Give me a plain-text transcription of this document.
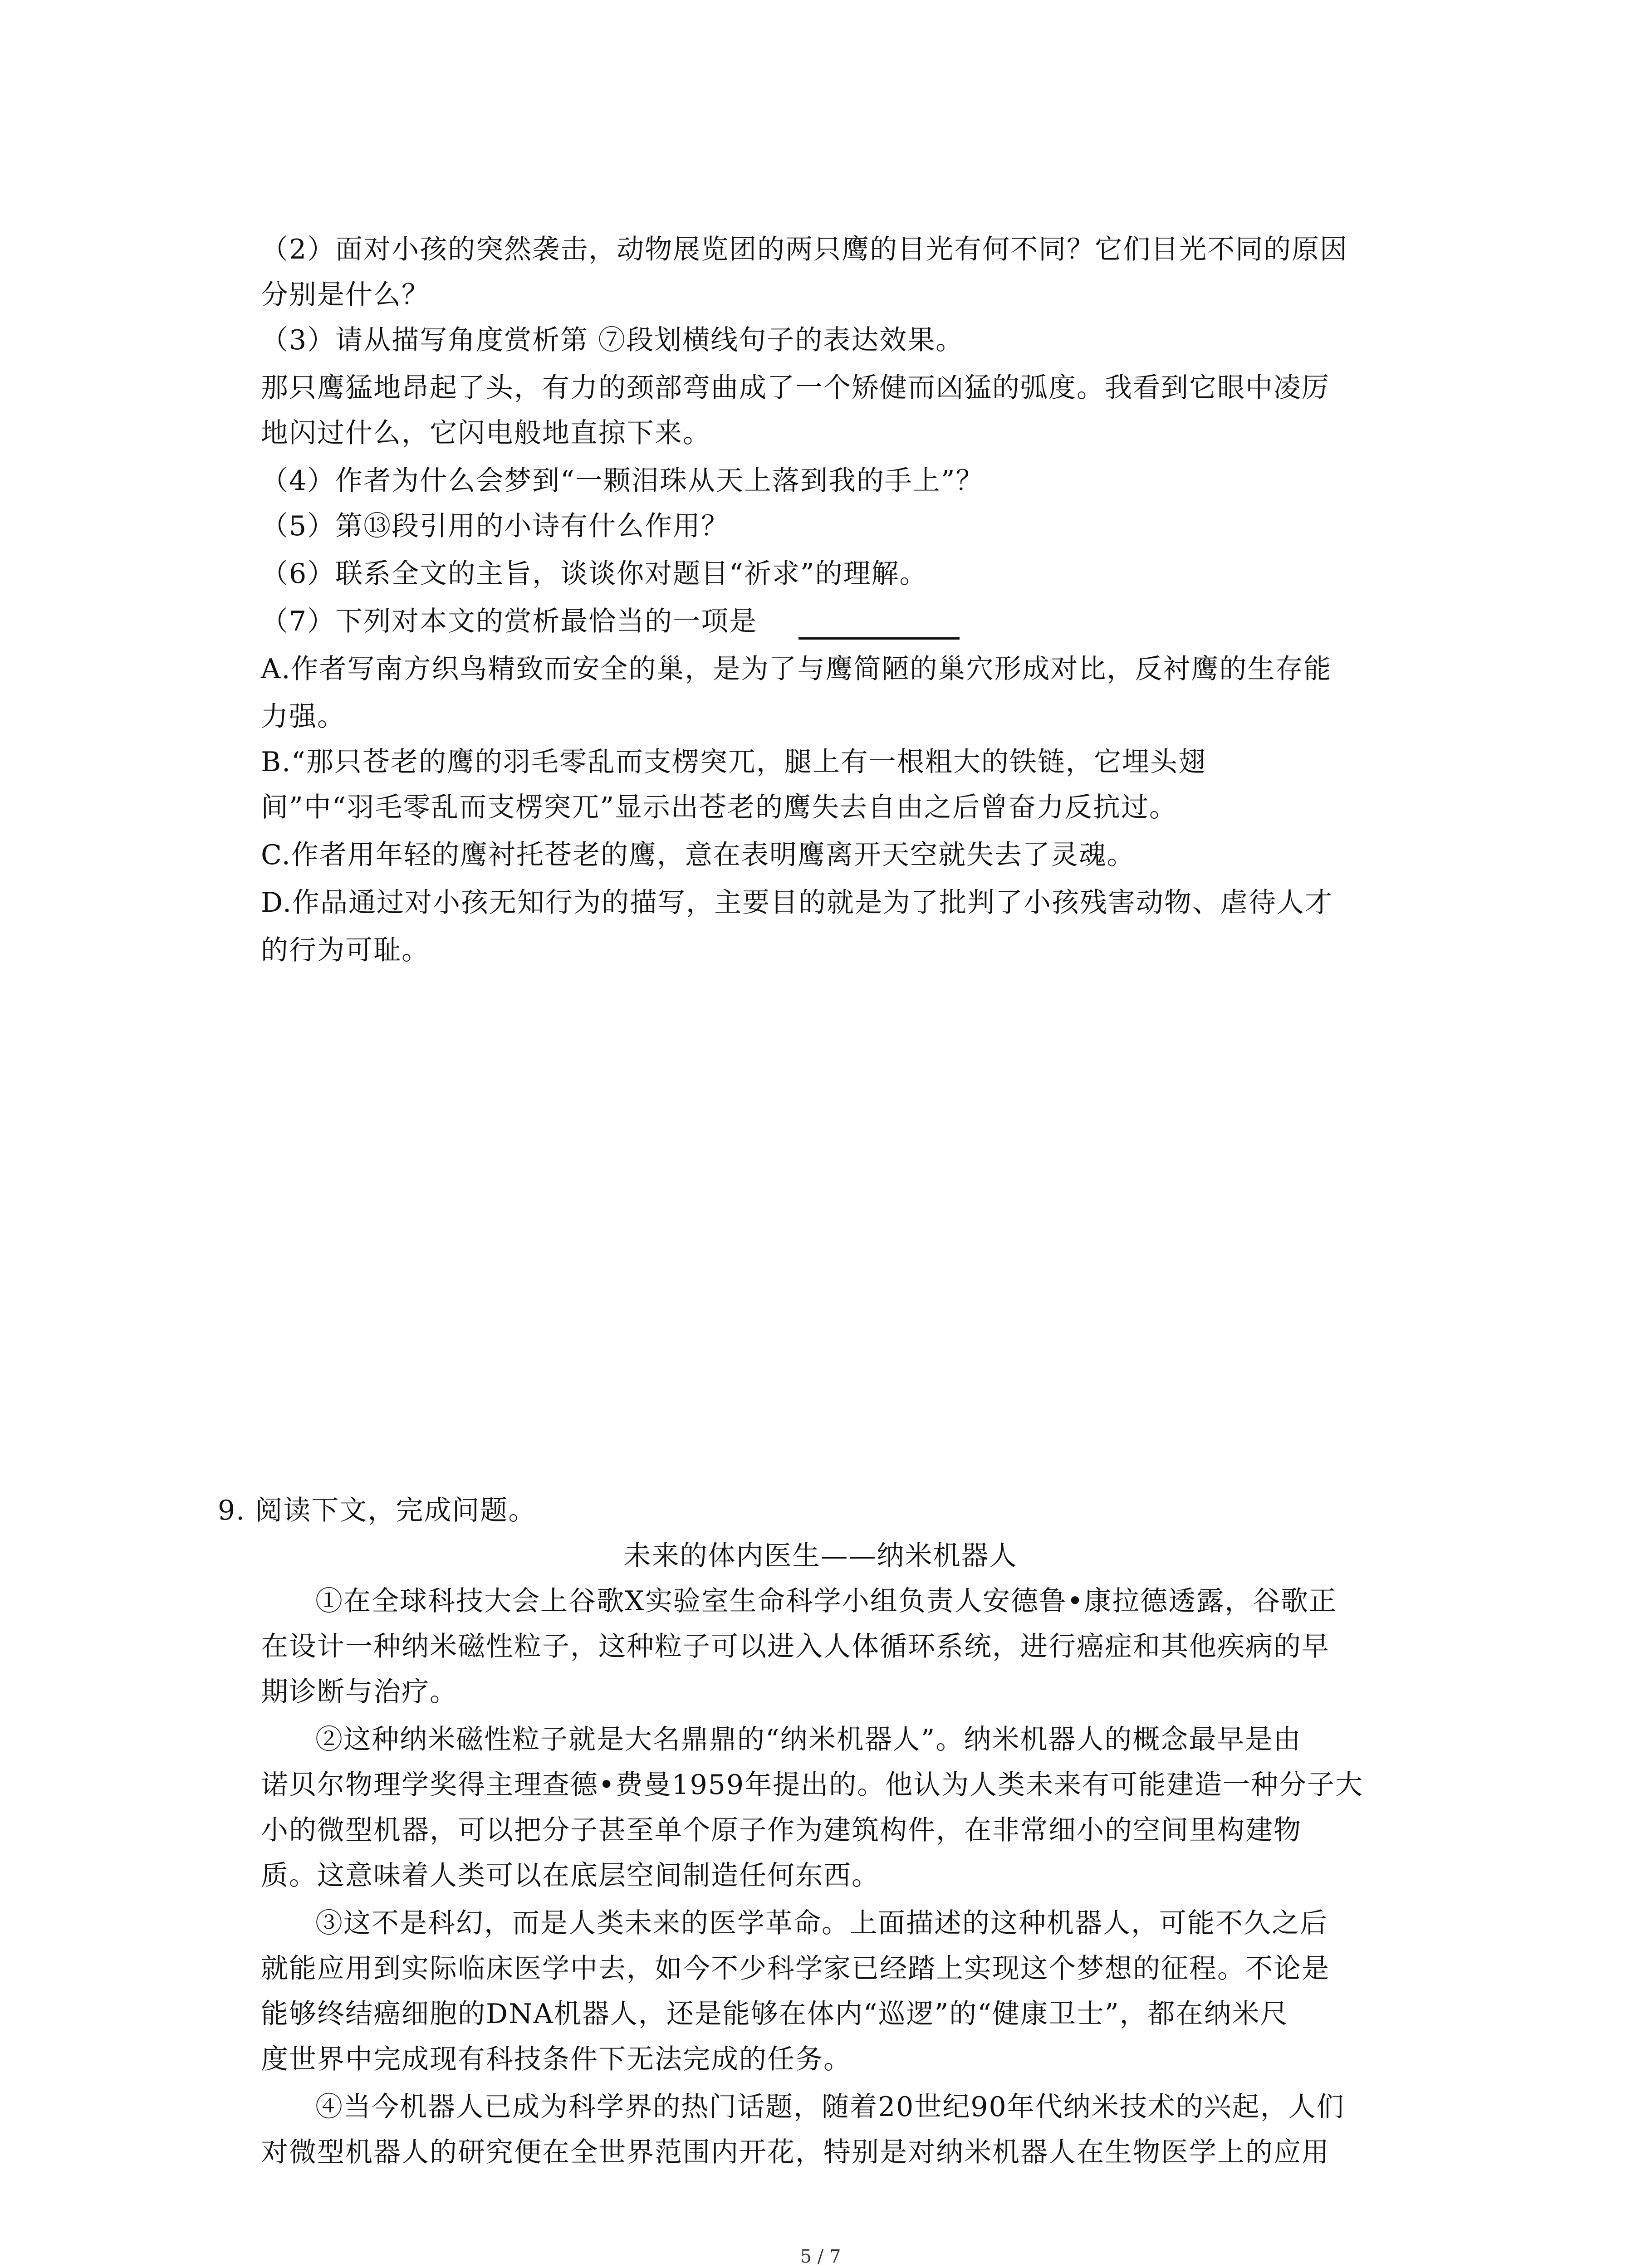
（2）面对小孩的突然袭击，动物展览团的两只鹰的目光有何不同？它们目光不同的原因

分别是什么？

（3）请从描写角度赏析第 ⑦段划横线句子的表达效果。

那只鹰猛地昂起了头，有力的颈部弯曲成了一个矫健而凶猛的弧度。我看到它眼中凌厉

地闪过什么，它闪电般地直掠下来。

（4）作者为什么会梦到“一颗泪珠从天上落到我的手上”？

（5）第⑬段引用的小诗有什么作用？

（6）联系全文的主旨，谈谈你对题目“祈求”的理解。

（7）下列对本文的赏析最恰当的一项是

A.作者写南方织鸟精致而安全的巢，是为了与鹰简陋的巢穴形成对比，反衬鹰的生存能

力强。

B.“那只苍老的鹰的羽毛零乱而支楞突兀，腿上有一根粗大的铁链，它埋头翅

间”中“羽毛零乱而支楞突兀”显示出苍老的鹰失去自由之后曾奋力反抗过。

C.作者用年轻的鹰衬托苍老的鹰，意在表明鹰离开天空就失去了灵魂。

D.作品通过对小孩无知行为的描写，主要目的就是为了批判了小孩残害动物、虐待人才

的行为可耻。

9. 阅读下文，完成问题。

未来的体内医生——纳米机器人

①在全球科技大会上谷歌X实验室生命科学小组负责人安德鲁•康拉德透露，谷歌正

在设计一种纳米磁性粒子，这种粒子可以进入人体循环系统，进行癌症和其他疾病的早

期诊断与治疗。

②这种纳米磁性粒子就是大名鼎鼎的“纳米机器人”。纳米机器人的概念最早是由

诺贝尔物理学奖得主理查德•费曼1959年提出的。他认为人类未来有可能建造一种分子大

小的微型机器，可以把分子甚至单个原子作为建筑构件，在非常细小的空间里构建物

质。这意味着人类可以在底层空间制造任何东西。

③这不是科幻，而是人类未来的医学革命。上面描述的这种机器人，可能不久之后

就能应用到实际临床医学中去，如今不少科学家已经踏上实现这个梦想的征程。不论是

能够终结癌细胞的DNA机器人，还是能够在体内“巡逻”的“健康卫士”，都在纳米尺

度世界中完成现有科技条件下无法完成的任务。

④当今机器人已成为科学界的热门话题，随着20世纪90年代纳米技术的兴起，人们

对微型机器人的研究便在全世界范围内开花，特别是对纳米机器人在生物医学上的应用

5 / 7
